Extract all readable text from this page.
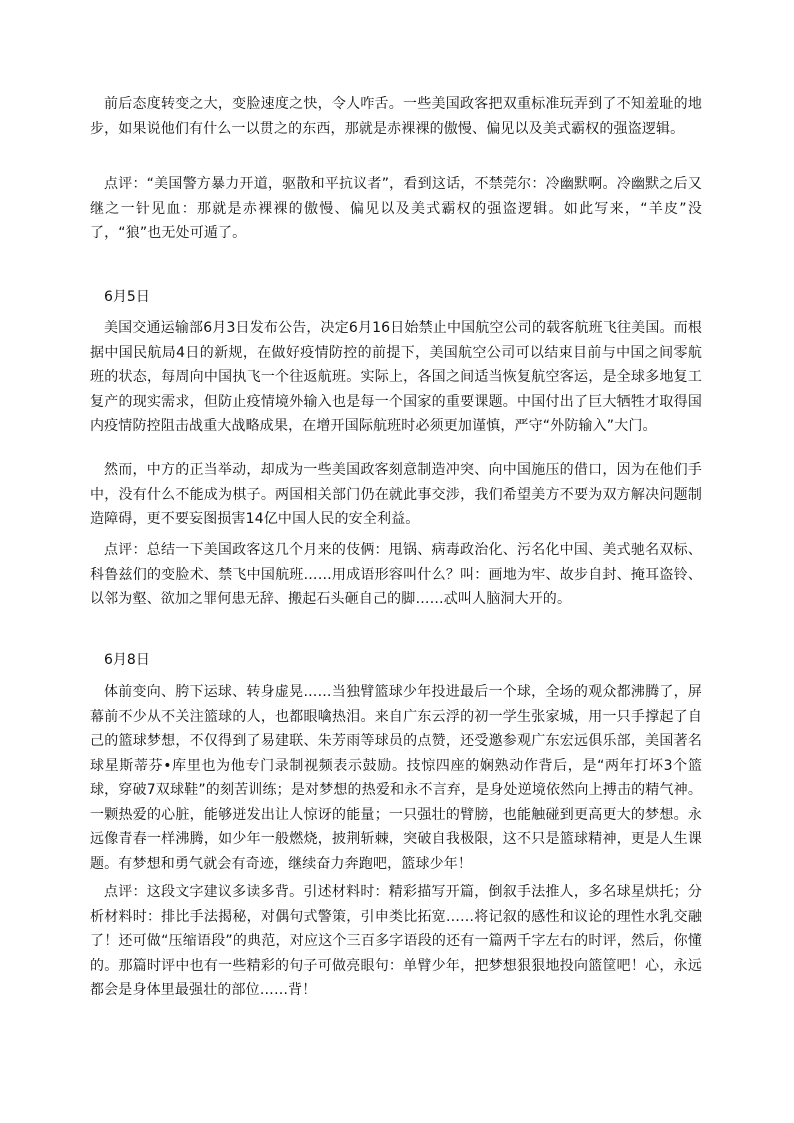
前后态度转变之大，变脸速度之快，令人咋舌。一些美国政客把双重标准玩弄到了不知羞耻的地步，如果说他们有什么一以贯之的东西，那就是赤裸裸的傲慢、偏见以及美式霸权的强盗逻辑。

点评：“美国警方暴力开道，驱散和平抗议者”，看到这话，不禁莞尔：冷幽默啊。冷幽默之后又继之一针见血：那就是赤裸裸的傲慢、偏见以及美式霸权的强盗逻辑。如此写来，“羊皮”没了，“狼”也无处可遁了。

6月5日

美国交通运输部6月3日发布公告，决定6月16日始禁止中国航空公司的载客航班飞往美国。而根据中国民航局4日的新规，在做好疫情防控的前提下，美国航空公司可以结束目前与中国之间零航班的状态，每周向中国执飞一个往返航班。实际上，各国之间适当恢复航空客运，是全球多地复工复产的现实需求，但防止疫情境外输入也是每一个国家的重要课题。中国付出了巨大牺牲才取得国内疫情防控阻击战重大战略成果，在增开国际航班时必须更加谨慎，严守“外防输入”大门。

然而，中方的正当举动，却成为一些美国政客刻意制造冲突、向中国施压的借口，因为在他们手中，没有什么不能成为棋子。两国相关部门仍在就此事交涉，我们希望美方不要为双方解决问题制造障碍，更不要妄图损害14亿中国人民的安全利益。

点评：总结一下美国政客这几个月来的伎俩：甩锅、病毒政治化、污名化中国、美式驰名双标、科鲁兹们的变脸术、禁飞中国航班……用成语形容叫什么？叫：画地为牢、故步自封、掩耳盗铃、以邻为壑、欲加之罪何患无辞、搬起石头砸自己的脚……忒叫人脑洞大开的。

6月8日

体前变向、胯下运球、转身虚晃……当独臂篮球少年投进最后一个球，全场的观众都沸腾了，屏幕前不少从不关注篮球的人，也都眼噙热泪。来自广东云浮的初一学生张家城，用一只手撑起了自己的篮球梦想，不仅得到了易建联、朱芳雨等球员的点赞，还受邀参观广东宏远俱乐部，美国著名球星斯蒂芬•库里也为他专门录制视频表示鼓励。技惊四座的娴熟动作背后，是“两年打坏3个篮球，穿破7双球鞋”的刻苦训练；是对梦想的热爱和永不言弃，是身处逆境依然向上搏击的精气神。一颗热爱的心脏，能够迸发出让人惊讶的能量；一只强壮的臂膀，也能触碰到更高更大的梦想。永远像青春一样沸腾，如少年一般燃烧，披荆斩棘，突破自我极限，这不只是篮球精神，更是人生课题。有梦想和勇气就会有奇迹，继续奋力奔跑吧，篮球少年！

点评：这段文字建议多读多背。引述材料时：精彩描写开篇，倒叙手法推人，多名球星烘托；分析材料时：排比手法揭秘，对偶句式警策，引申类比拓宽……将记叙的感性和议论的理性水乳交融了！还可做“压缩语段”的典范，对应这个三百多字语段的还有一篇两千字左右的时评，然后，你懂的。那篇时评中也有一些精彩的句子可做亮眼句：单臂少年，把梦想狠狠地投向篮筐吧！心，永远都会是身体里最强壮的部位……背！
